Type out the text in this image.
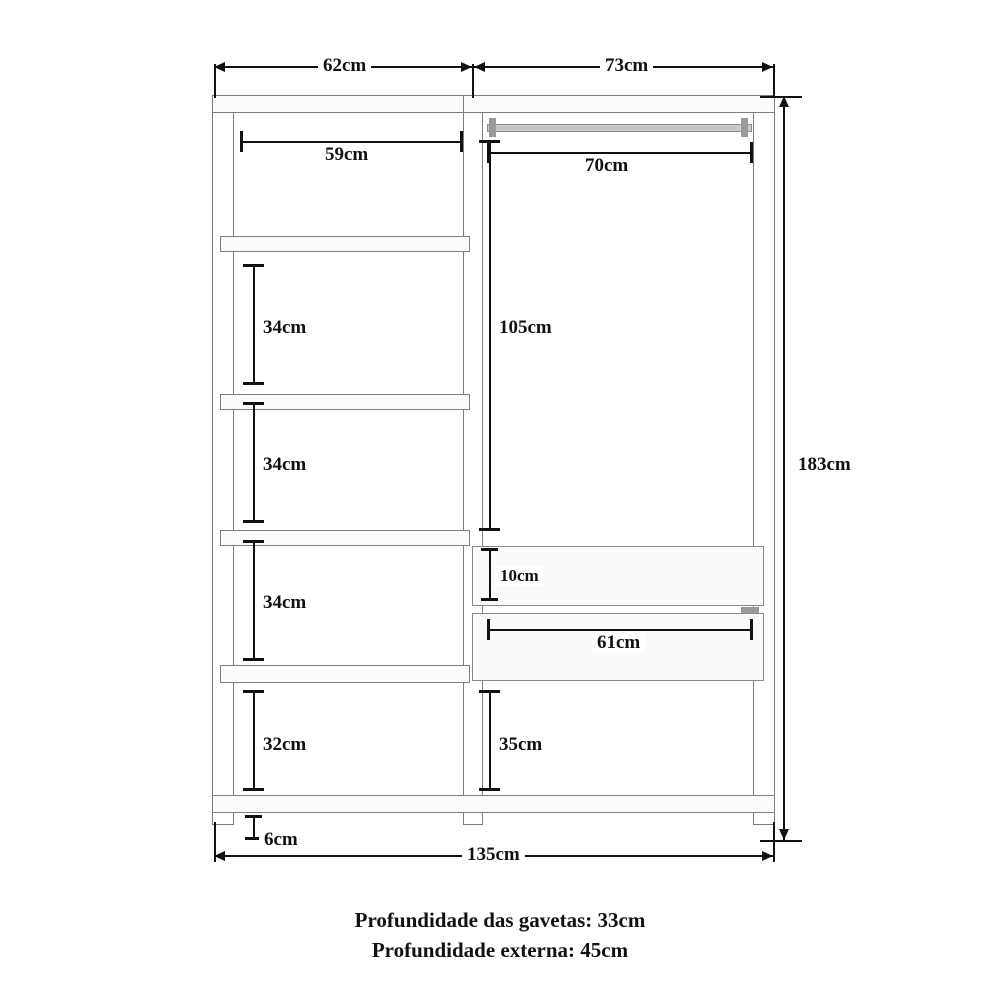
62cm	73cm
59cm
70cm
183cm
105cm
34cm
34cm
34cm
32cm
6cm
10cm
61cm
35cm
135cm
Profundidade das gavetas: 33cm
Profundidade externa: 45cm
